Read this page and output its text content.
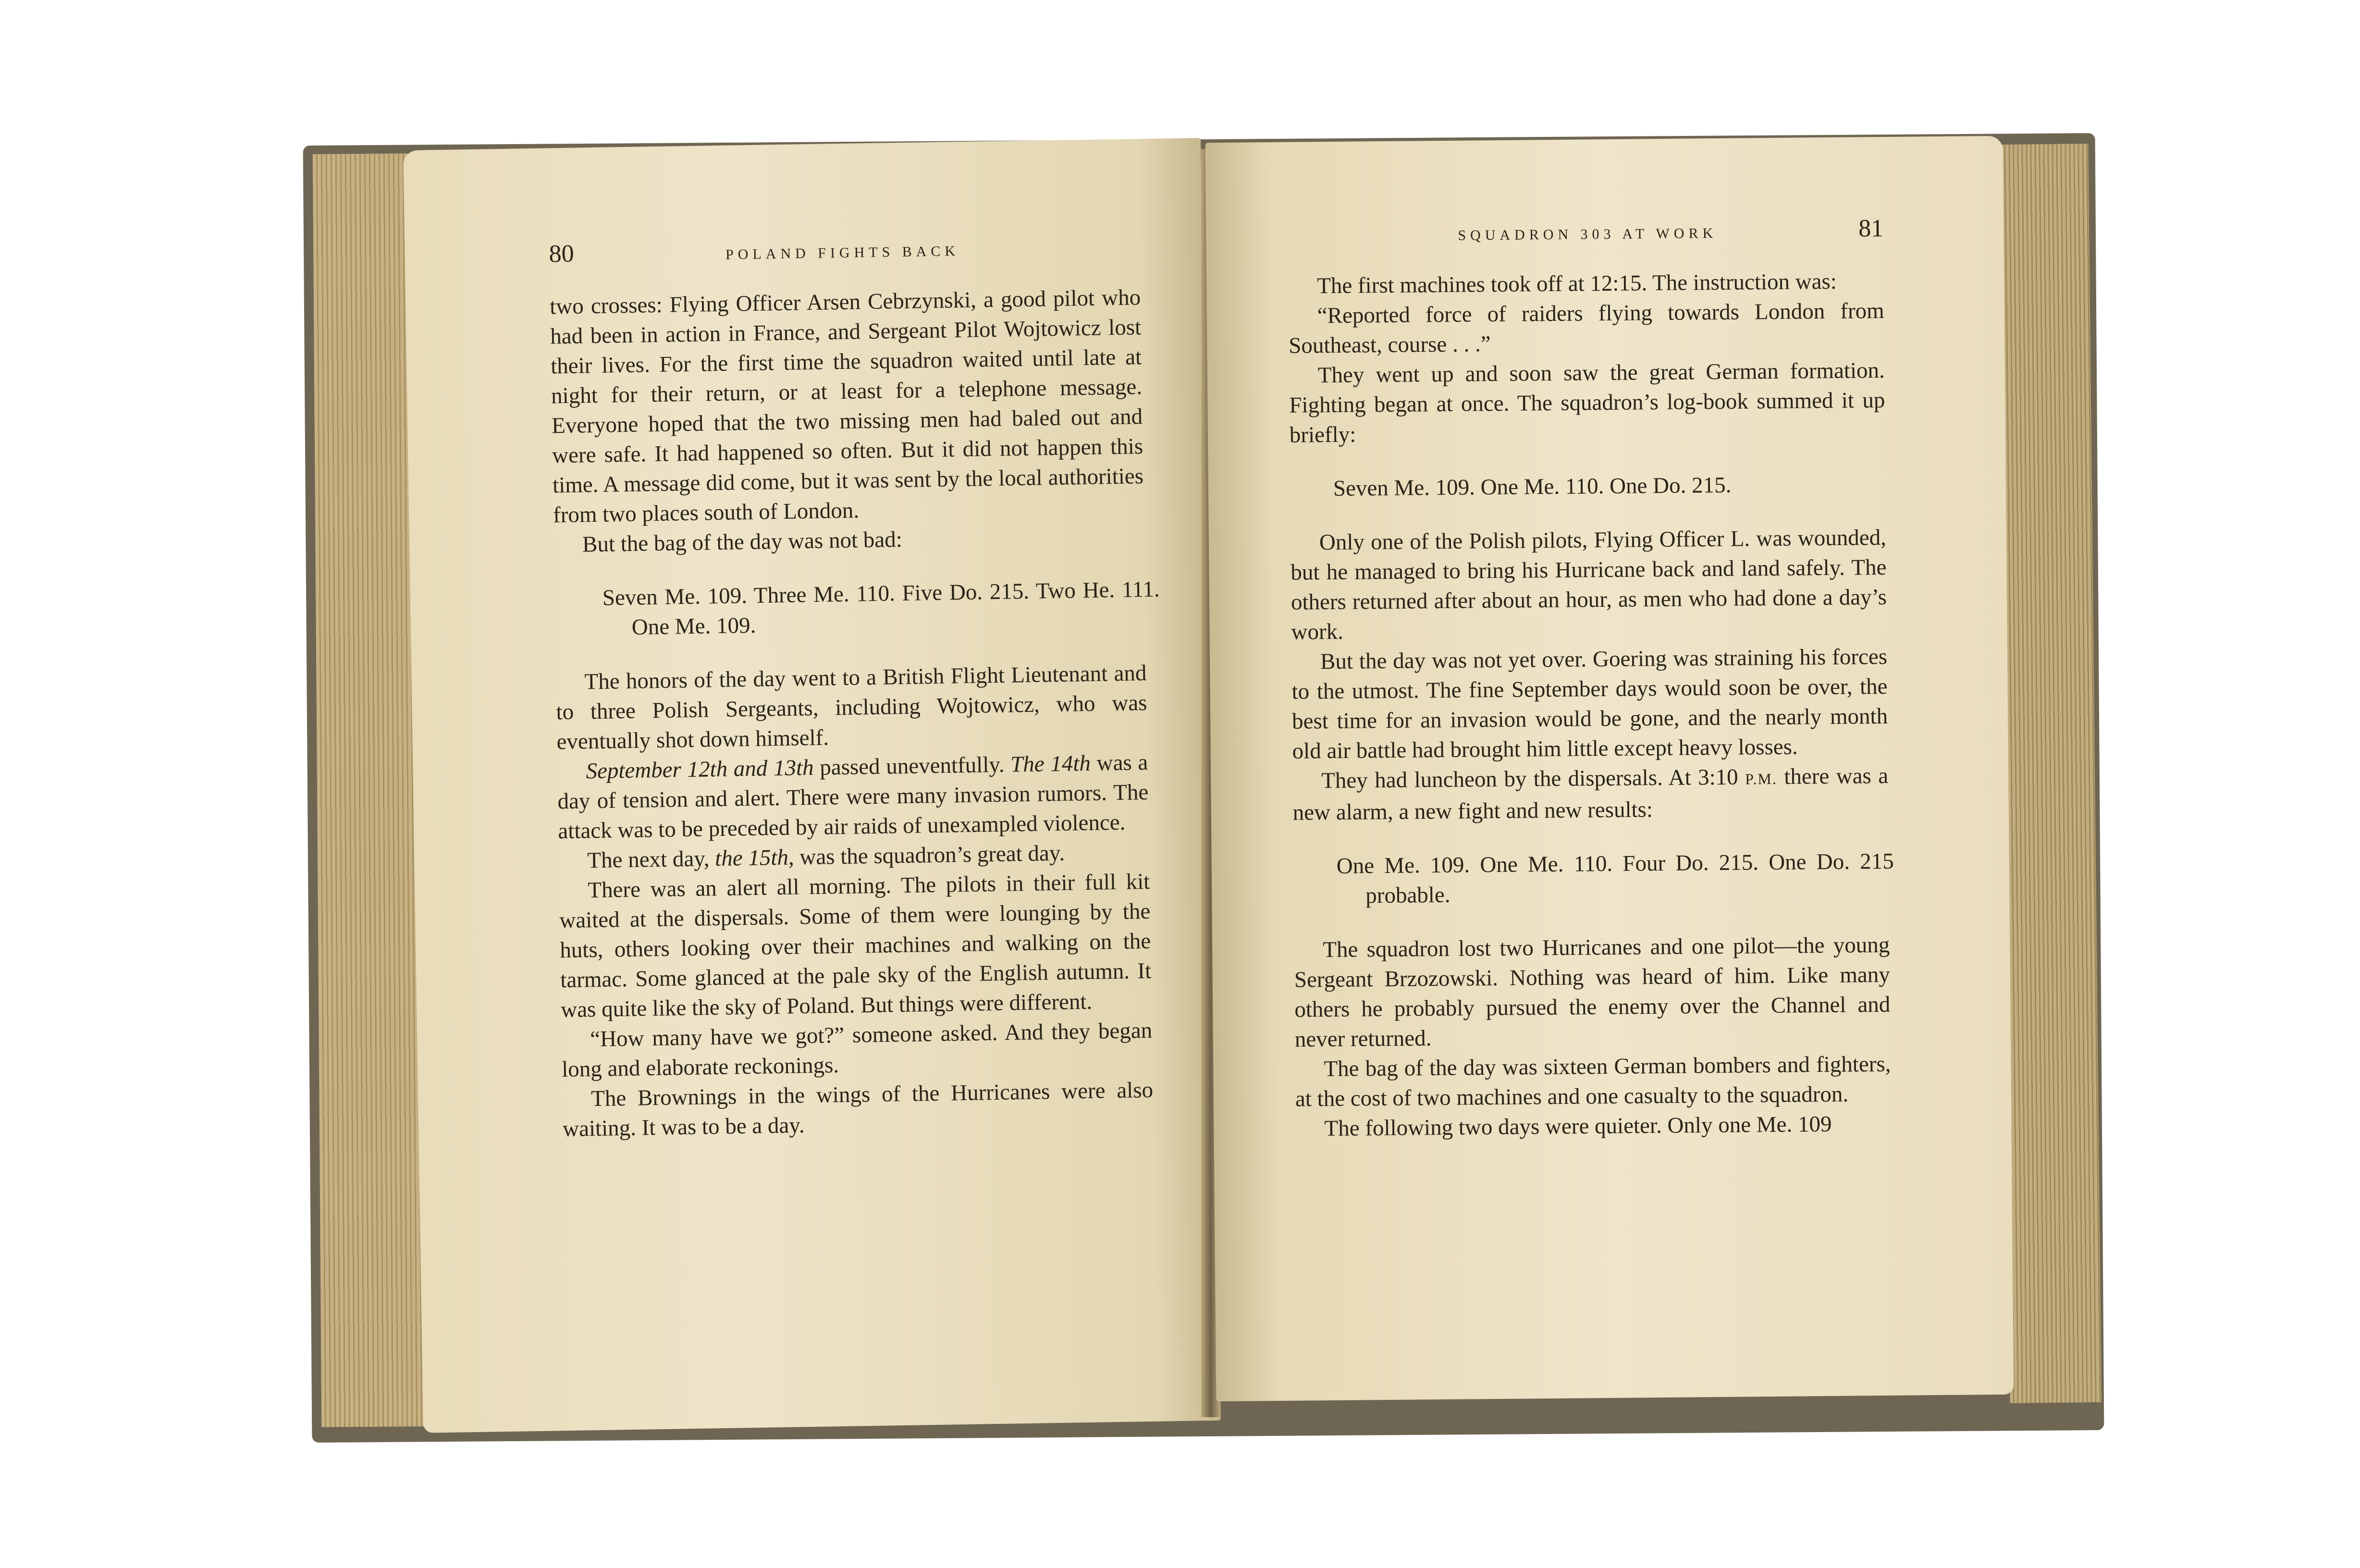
80	POLAND FIGHTS BACK

two crosses: Flying Officer Arsen Cebrzynski, a good pilot who had been in action in France, and Sergeant Pilot Wojtowicz lost their lives. For the first time the squadron waited until late at night for their return, or at least for a telephone message. Everyone hoped that the two missing men had baled out and were safe. It had happened so often. But it did not happen this time. A message did come, but it was sent by the local authorities from two places south of London.

But the bag of the day was not bad:

Seven Me. 109. Three Me. 110. Five Do. 215. Two He. 111. One Me. 109.

The honors of the day went to a British Flight Lieutenant and to three Polish Sergeants, including Wojtowicz, who was eventually shot down himself.

September 12th and 13th passed uneventfully. The 14th was a day of tension and alert. There were many invasion rumors. The attack was to be preceded by air raids of unexampled violence.

The next day, the 15th, was the squadron’s great day.

There was an alert all morning. The pilots in their full kit waited at the dispersals. Some of them were lounging by the huts, others looking over their machines and walking on the tarmac. Some glanced at the pale sky of the English autumn. It was quite like the sky of Poland. But things were different.

“How many have we got?” someone asked. And they began long and elaborate reckonings.

The Brownings in the wings of the Hurricanes were also waiting. It was to be a day.

SQUADRON 303 AT WORK	81

The first machines took off at 12:15. The instruction was:

“Reported force of raiders flying towards London from Southeast, course . . .”

They went up and soon saw the great German formation. Fighting began at once. The squadron’s log-book summed it up briefly:

Seven Me. 109. One Me. 110. One Do. 215.

Only one of the Polish pilots, Flying Officer L. was wounded, but he managed to bring his Hurricane back and land safely. The others returned after about an hour, as men who had done a day’s work.

But the day was not yet over. Goering was straining his forces to the utmost. The fine September days would soon be over, the best time for an invasion would be gone, and the nearly month old air battle had brought him little except heavy losses.

They had luncheon by the dispersals. At 3:10 P.M. there was a new alarm, a new fight and new results:

One Me. 109. One Me. 110. Four Do. 215. One Do. 215 probable.

The squadron lost two Hurricanes and one pilot—the young Sergeant Brzozowski. Nothing was heard of him. Like many others he probably pursued the enemy over the Channel and never returned.

The bag of the day was sixteen German bombers and fighters, at the cost of two machines and one casualty to the squadron.

The following two days were quieter. Only one Me. 109
